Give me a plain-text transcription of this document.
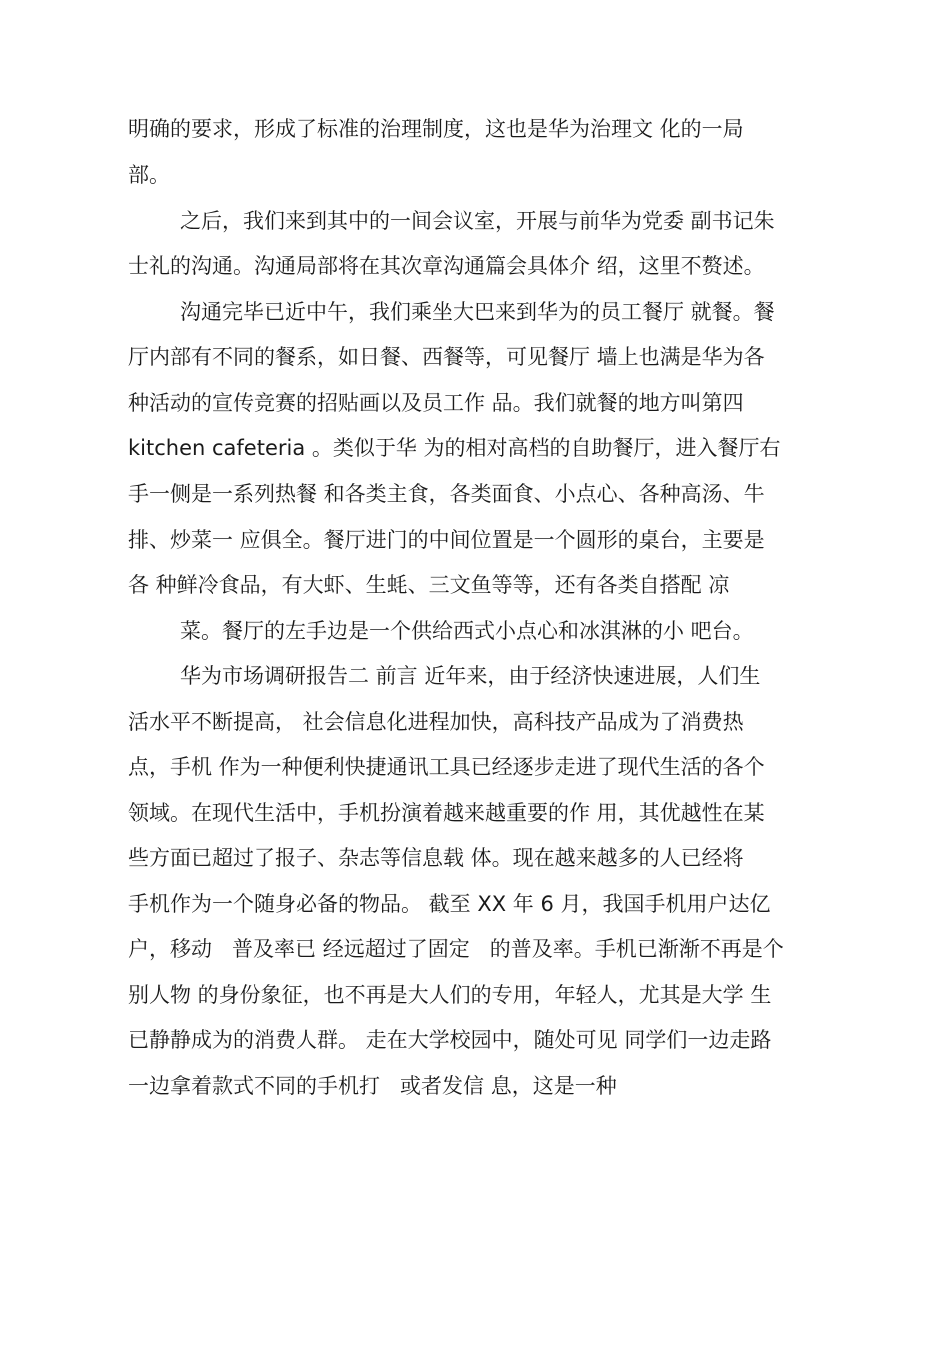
明确的要求，形成了标准的治理制度，这也是华为治理文 化的一局
部。
之后，我们来到其中的一间会议室，开展与前华为党委 副书记朱
士礼的沟通。沟通局部将在其次章沟通篇会具体介 绍，这里不赘述。
沟通完毕已近中午，我们乘坐大巴来到华为的员工餐厅 就餐。餐
厅内部有不同的餐系，如日餐、西餐等，可见餐厅 墙上也满是华为各
种活动的宣传竞赛的招贴画以及员工作 品。我们就餐的地方叫第四
kitchen cafeteria 。类似于华 为的相对高档的自助餐厅，进入餐厅右
手一侧是一系列热餐 和各类主食，各类面食、小点心、各种高汤、牛
排、炒菜一 应俱全。餐厅进门的中间位置是一个圆形的桌台，主要是
各 种鲜冷食品，有大虾、生蚝、三文鱼等等，还有各类自搭配 凉
菜。餐厅的左手边是一个供给西式小点心和冰淇淋的小 吧台。
华为市场调研报告二 前言 近年来，由于经济快速进展，人们生
活水平不断提高， 社会信息化进程加快，高科技产品成为了消费热
点，手机 作为一种便利快捷通讯工具已经逐步走进了现代生活的各个
领域。在现代生活中，手机扮演着越来越重要的作 用，其优越性在某
些方面已超过了报子、杂志等信息载 体。现在越来越多的人已经将
手机作为一个随身必备的物品。 截至 XX 年 6 月，我国手机用户达亿
户，移动   普及率已 经远超过了固定   的普及率。手机已渐渐不再是个
别人物 的身份象征，也不再是大人们的专用，年轻人，尤其是大学 生
已静静成为的消费人群。 走在大学校园中，随处可见 同学们一边走路
一边拿着款式不同的手机打   或者发信 息，这是一种
